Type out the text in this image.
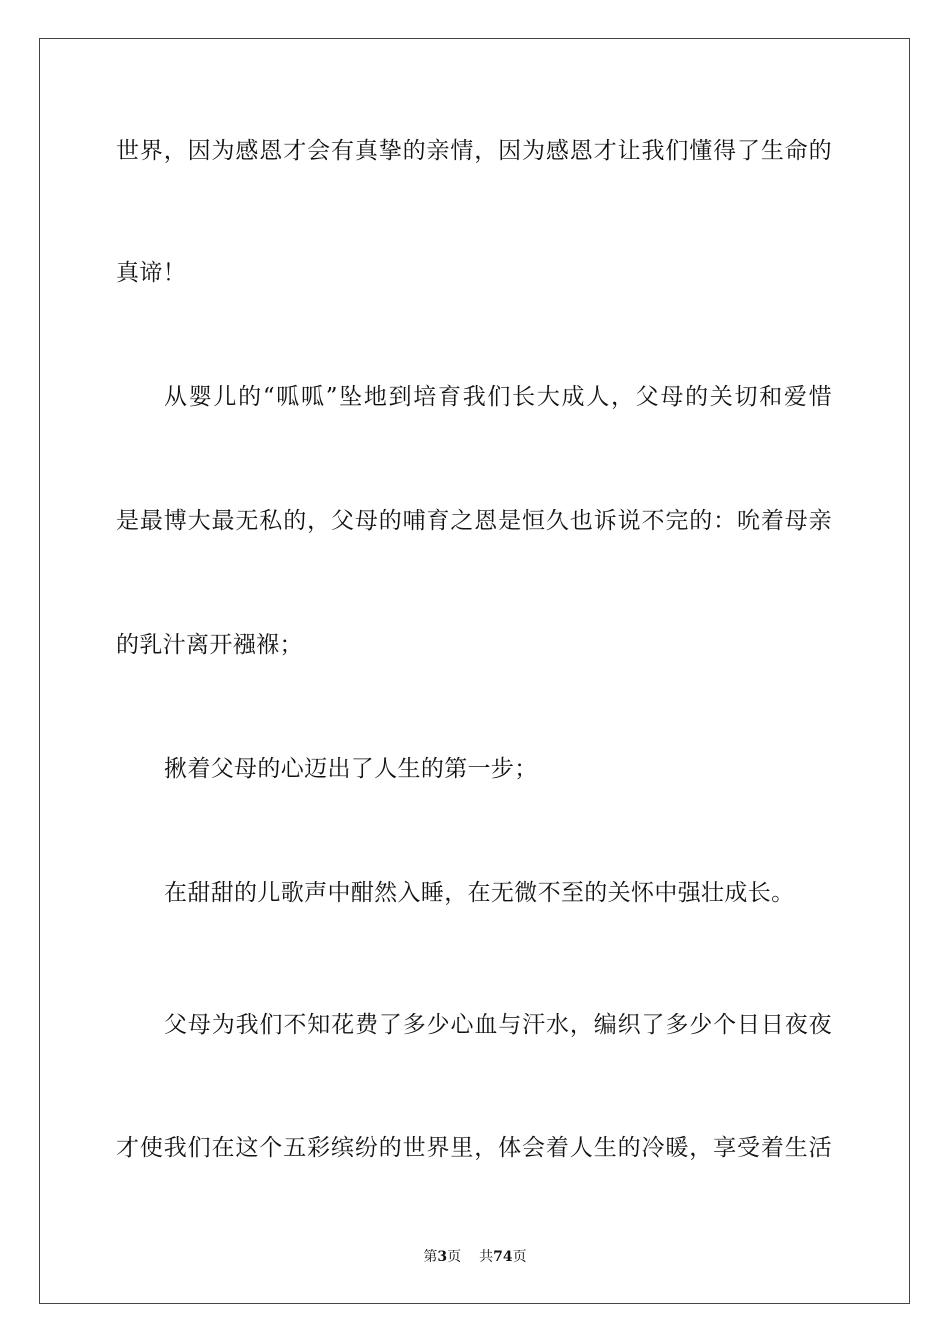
世界，因为感恩才会有真挚的亲情，因为感恩才让我们懂得了生命的
真谛！
从婴儿的“呱呱”坠地到培育我们长大成人，父母的关切和爱惜
是最博大最无私的，父母的哺育之恩是恒久也诉说不完的：吮着母亲
的乳汁离开襁褓；
揪着父母的心迈出了人生的第一步；
在甜甜的儿歌声中酣然入睡，在无微不至的关怀中强壮成长。
父母为我们不知花费了多少心血与汗水，编织了多少个日日夜夜
才使我们在这个五彩缤纷的世界里，体会着人生的冷暖，享受着生活
第3页 共74页
